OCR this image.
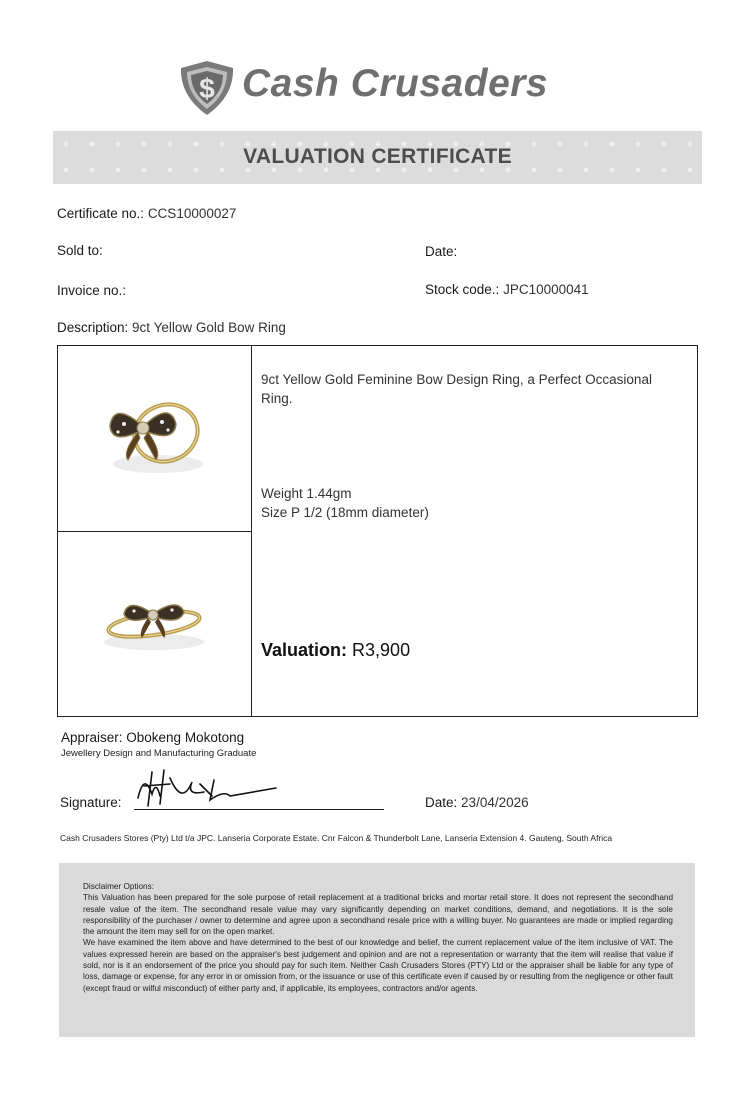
$ Cash Crusaders
VALUATION CERTIFICATE
Certificate no.: CCS10000027
Sold to:	Date:
Invoice no.:	Stock code.: JPC10000041
Description: 9ct Yellow Gold Bow Ring
9ct Yellow Gold Feminine Bow Design Ring, a Perfect Occasional
Ring.
Weight 1.44gm
Size P 1/2 (18mm diameter)
Valuation: R3,900
Appraiser: Obokeng Mokotong
Jewellery Design and Manufacturing Graduate
Signature:	Date: 23/04/2026
Cash Crusaders Stores (Pty) Ltd t/a JPC. Lanseria Corporate Estate. Cnr Falcon & Thunderbolt Lane, Lanseria Extension 4. Gauteng, South Africa

Disclaimer Options:

This Valuation has been prepared for the sole purpose of retail replacement at a traditional bricks and mortar retail store. It does not represent the secondhand resale value of the item. The secondhand resale value may vary significantly depending on market conditions, demand, and negotiations. It is the sole responsibility of the purchaser / owner to determine and agree upon a secondhand resale price with a willing buyer. No guarantees are made or implied regarding the amount the item may sell for on the open market.

We have examined the item above and have determined to the best of our knowledge and belief, the current replacement value of the item inclusive of VAT. The values expressed herein are based on the appraiser's best judgement and opinion and are not a representation or warranty that the item will realise that value if sold, nor is it an endorsement of the price you should pay for such item. Neither Cash Crusaders Stores (PTY) Ltd or the appraiser shall be liable for any type of loss, damage or expense, for any error in or omission from, or the issuance or use of this certificate even if caused by or resulting from the negligence or other fault (except fraud or wilful misconduct) of either party and, if applicable, its employees, contractors and/or agents.
